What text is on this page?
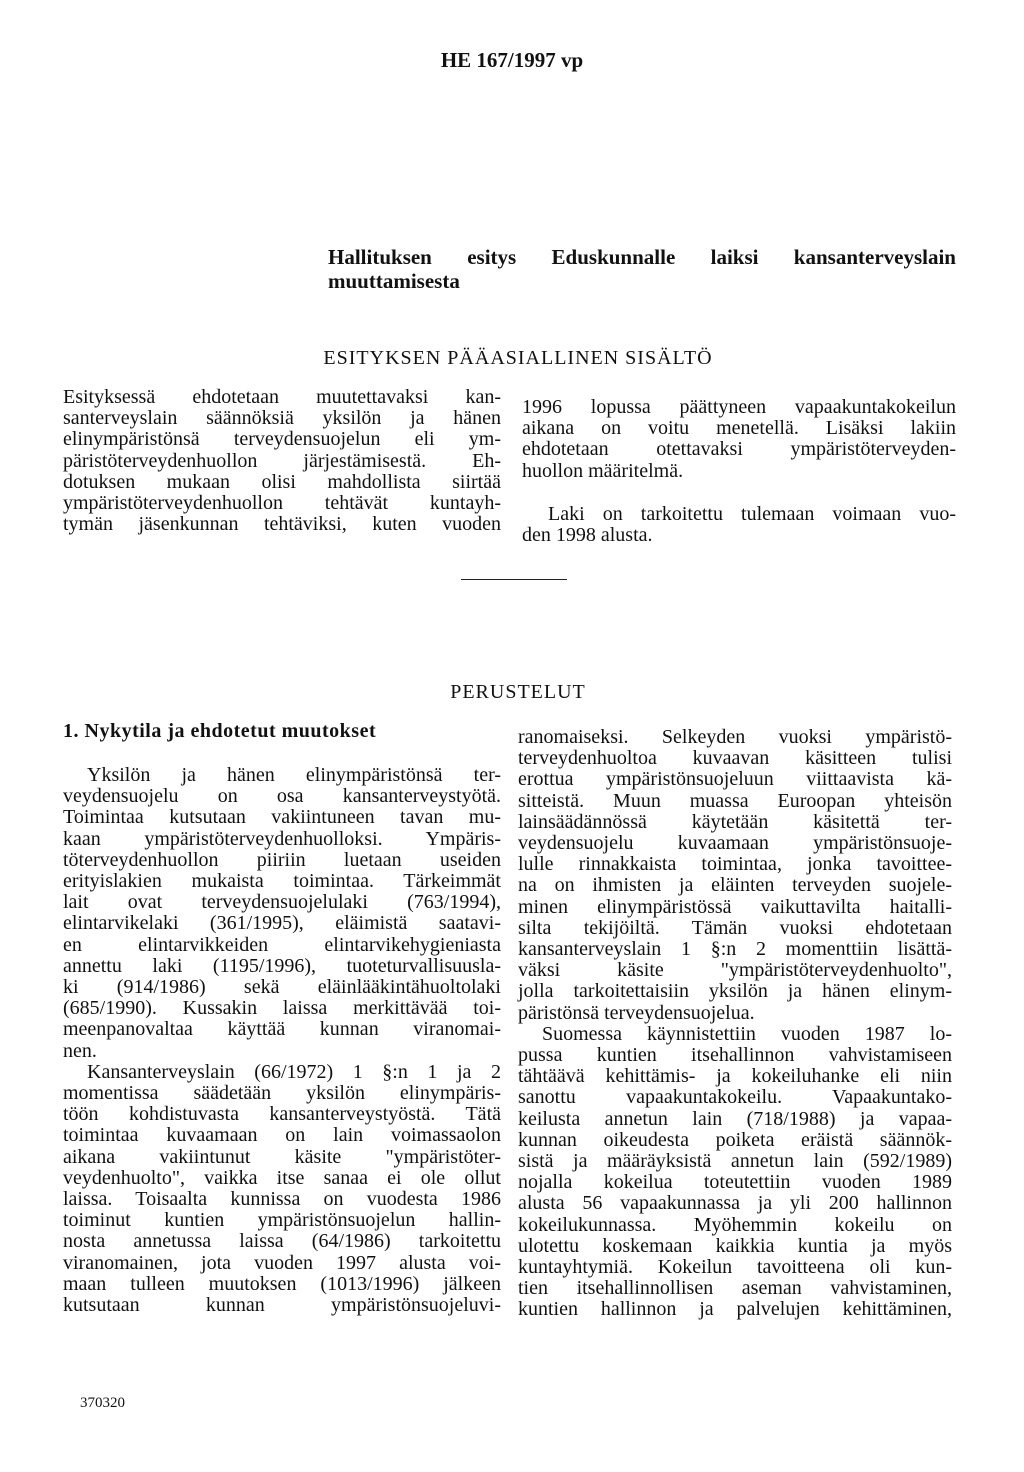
HE 167/1997 vp
Hallituksen esitys Eduskunnalle laiksi kansanterveyslain
muuttamisesta
ESITYKSEN PÄÄASIALLINEN SISÄLTÖ
Esityksessä ehdotetaan muutettavaksi kan-
santerveyslain säännöksiä yksilön ja hänen
elinympäristönsä terveydensuojelun eli ym-
päristöterveydenhuollon järjestämisestä. Eh-
dotuksen mukaan olisi mahdollista siirtää
ympäristöterveydenhuollon tehtävät kuntayh-
tymän jäsenkunnan tehtäviksi, kuten vuoden
1996 lopussa päättyneen vapaakuntakokeilun
aikana on voitu menetellä. Lisäksi lakiin
ehdotetaan otettavaksi ympäristöterveyden-
huollon määritelmä.
Laki on tarkoitettu tulemaan voimaan vuo-
den 1998 alusta.
PERUSTELUT
1. Nykytila ja ehdotetut muutokset
Yksilön ja hänen elinympäristönsä ter-
veydensuojelu on osa kansanterveystyötä.
Toimintaa kutsutaan vakiintuneen tavan mu-
kaan ympäristöterveydenhuolloksi. Ympäris-
töterveydenhuollon piiriin luetaan useiden
erityislakien mukaista toimintaa. Tärkeimmät
lait ovat terveydensuojelulaki (763/1994),
elintarvikelaki (361/1995), eläimistä saatavi-
en elintarvikkeiden elintarvikehygieniasta
annettu laki (1195/1996), tuoteturvallisuusla-
ki (914/1986) sekä eläinlääkintähuoltolaki
(685/1990). Kussakin laissa merkittävää toi-
meenpanovaltaa käyttää kunnan viranomai-
nen.
Kansanterveyslain (66/1972) 1 §:n 1 ja 2
momentissa säädetään yksilön elinympäris-
töön kohdistuvasta kansanterveystyöstä. Tätä
toimintaa kuvaamaan on lain voimassaolon
aikana vakiintunut käsite "ympäristöter-
veydenhuolto", vaikka itse sanaa ei ole ollut
laissa. Toisaalta kunnissa on vuodesta 1986
toiminut kuntien ympäristönsuojelun hallin-
nosta annetussa laissa (64/1986) tarkoitettu
viranomainen, jota vuoden 1997 alusta voi-
maan tulleen muutoksen (1013/1996) jälkeen
kutsutaan kunnan ympäristönsuojeluvi-
ranomaiseksi. Selkeyden vuoksi ympäristö-
terveydenhuoltoa kuvaavan käsitteen tulisi
erottua ympäristönsuojeluun viittaavista kä-
sitteistä. Muun muassa Euroopan yhteisön
lainsäädännössä käytetään käsitettä ter-
veydensuojelu kuvaamaan ympäristönsuoje-
lulle rinnakkaista toimintaa, jonka tavoittee-
na on ihmisten ja eläinten terveyden suojele-
minen elinympäristössä vaikuttavilta haitalli-
silta tekijöiltä. Tämän vuoksi ehdotetaan
kansanterveyslain 1 §:n 2 momenttiin lisättä-
väksi käsite "ympäristöterveydenhuolto",
jolla tarkoitettaisiin yksilön ja hänen elinym-
päristönsä terveydensuojelua.
Suomessa käynnistettiin vuoden 1987 lo-
pussa kuntien itsehallinnon vahvistamiseen
tähtäävä kehittämis- ja kokeiluhanke eli niin
sanottu vapaakuntakokeilu. Vapaakuntako-
keilusta annetun lain (718/1988) ja vapaa-
kunnan oikeudesta poiketa eräistä säännök-
sistä ja määräyksistä annetun lain (592/1989)
nojalla kokeilua toteutettiin vuoden 1989
alusta 56 vapaakunnassa ja yli 200 hallinnon
kokeilukunnassa. Myöhemmin kokeilu on
ulotettu koskemaan kaikkia kuntia ja myös
kuntayhtymiä. Kokeilun tavoitteena oli kun-
tien itsehallinnollisen aseman vahvistaminen,
kuntien hallinnon ja palvelujen kehittäminen,
370320
